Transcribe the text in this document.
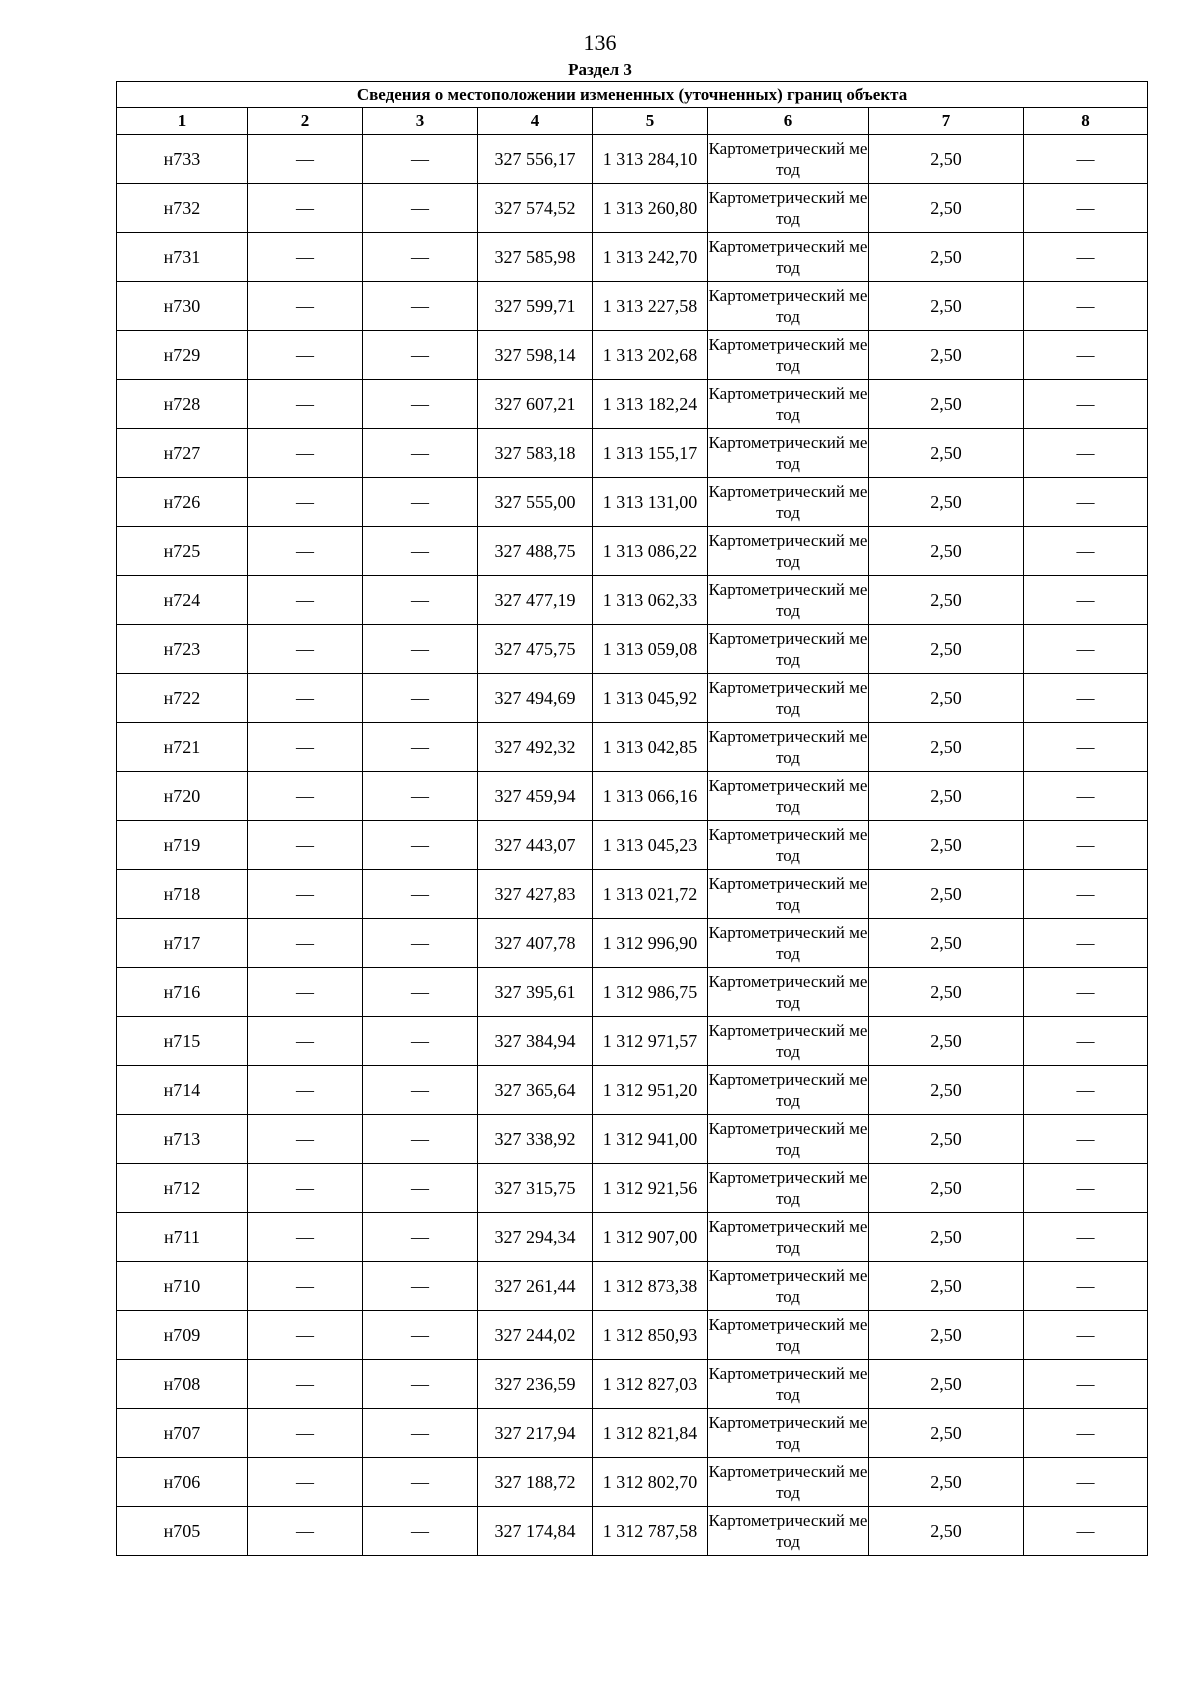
136
Раздел 3
Сведения о местоположении измененных (уточненных) границ объекта							
1	2	3	4	5	6	7	8
н733	—	—	327 556,17	1 313 284,10	Картометрический метод	2,50	—
н732	—	—	327 574,52	1 313 260,80	Картометрический метод	2,50	—
н731	—	—	327 585,98	1 313 242,70	Картометрический метод	2,50	—
н730	—	—	327 599,71	1 313 227,58	Картометрический метод	2,50	—
н729	—	—	327 598,14	1 313 202,68	Картометрический метод	2,50	—
н728	—	—	327 607,21	1 313 182,24	Картометрический метод	2,50	—
н727	—	—	327 583,18	1 313 155,17	Картометрический метод	2,50	—
н726	—	—	327 555,00	1 313 131,00	Картометрический метод	2,50	—
н725	—	—	327 488,75	1 313 086,22	Картометрический метод	2,50	—
н724	—	—	327 477,19	1 313 062,33	Картометрический метод	2,50	—
н723	—	—	327 475,75	1 313 059,08	Картометрический метод	2,50	—
н722	—	—	327 494,69	1 313 045,92	Картометрический метод	2,50	—
н721	—	—	327 492,32	1 313 042,85	Картометрический метод	2,50	—
н720	—	—	327 459,94	1 313 066,16	Картометрический метод	2,50	—
н719	—	—	327 443,07	1 313 045,23	Картометрический метод	2,50	—
н718	—	—	327 427,83	1 313 021,72	Картометрический метод	2,50	—
н717	—	—	327 407,78	1 312 996,90	Картометрический метод	2,50	—
н716	—	—	327 395,61	1 312 986,75	Картометрический метод	2,50	—
н715	—	—	327 384,94	1 312 971,57	Картометрический метод	2,50	—
н714	—	—	327 365,64	1 312 951,20	Картометрический метод	2,50	—
н713	—	—	327 338,92	1 312 941,00	Картометрический метод	2,50	—
н712	—	—	327 315,75	1 312 921,56	Картометрический метод	2,50	—
н711	—	—	327 294,34	1 312 907,00	Картометрический метод	2,50	—
н710	—	—	327 261,44	1 312 873,38	Картометрический метод	2,50	—
н709	—	—	327 244,02	1 312 850,93	Картометрический метод	2,50	—
н708	—	—	327 236,59	1 312 827,03	Картометрический метод	2,50	—
н707	—	—	327 217,94	1 312 821,84	Картометрический метод	2,50	—
н706	—	—	327 188,72	1 312 802,70	Картометрический метод	2,50	—
н705	—	—	327 174,84	1 312 787,58	Картометрический метод	2,50	—
